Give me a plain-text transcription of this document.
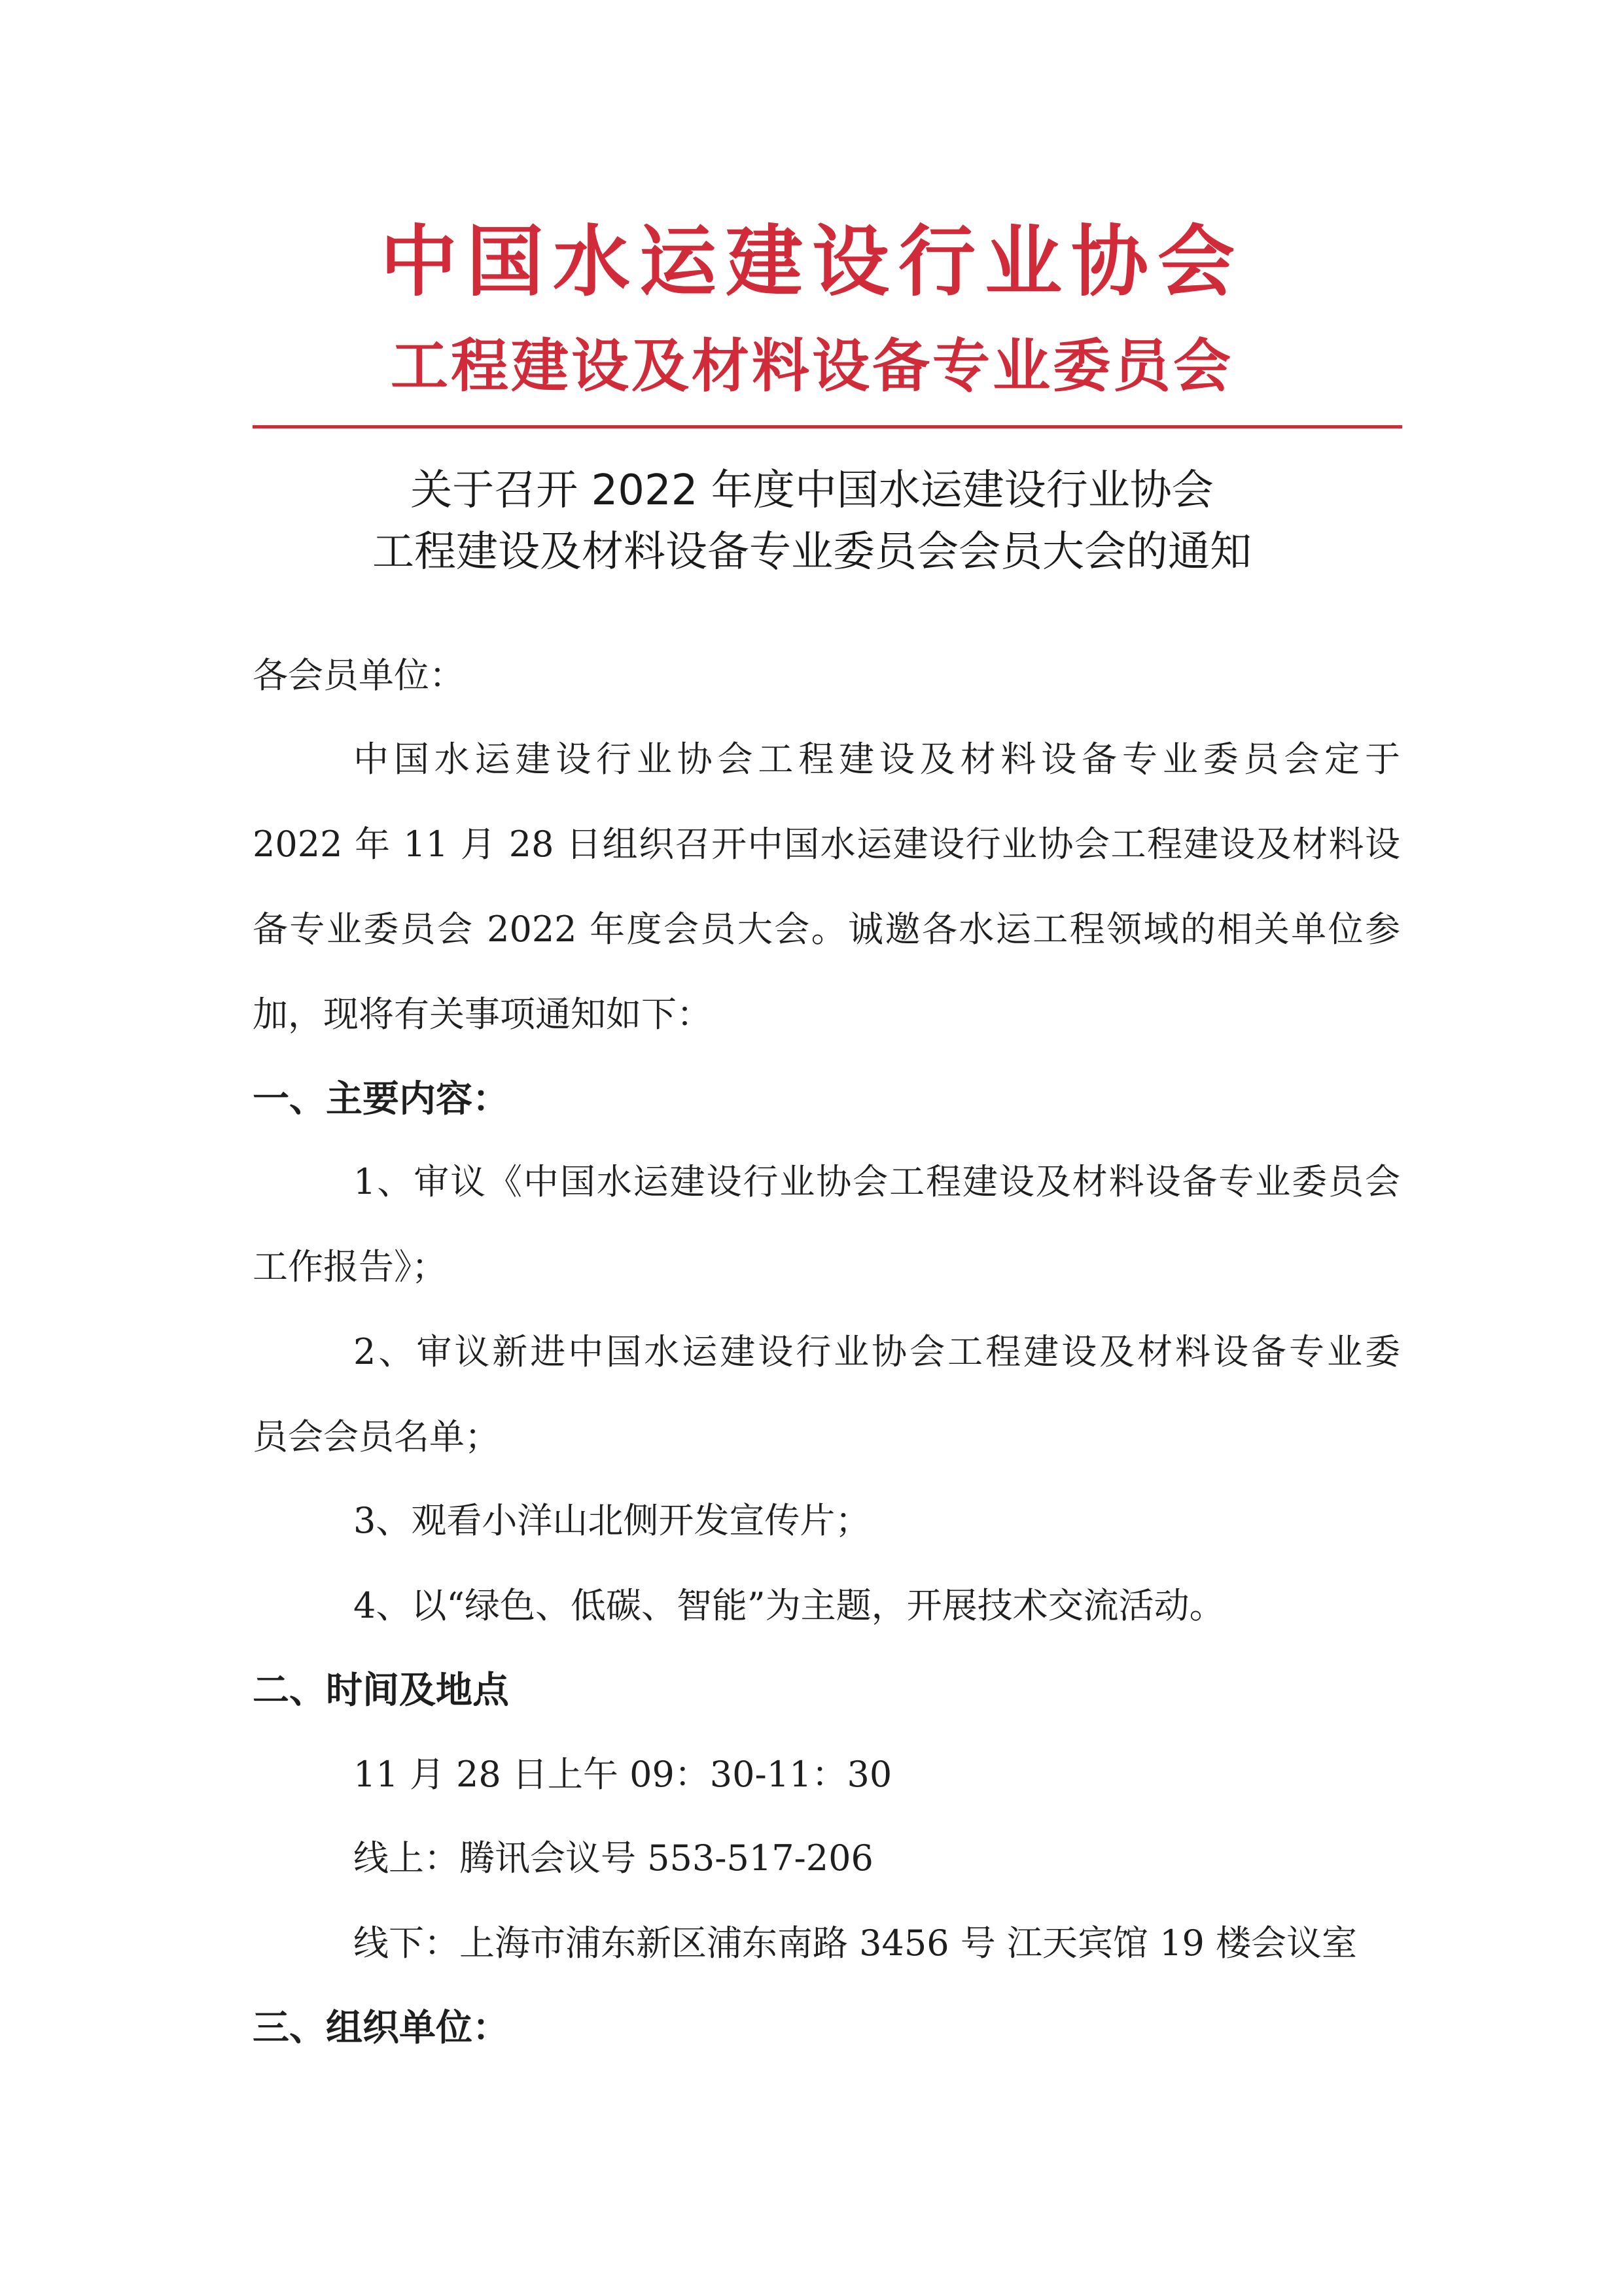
中国水运建设行业协会
工程建设及材料设备专业委员会
关于召开 2022 年度中国水运建设行业协会
工程建设及材料设备专业委员会会员大会的通知
各会员单位：
中国水运建设行业协会工程建设及材料设备专业委员会定于
2022 年 11 月 28 日组织召开中国水运建设行业协会工程建设及材料设
备专业委员会 2022 年度会员大会。诚邀各水运工程领域的相关单位参
加，现将有关事项通知如下：
一、主要内容：
1、审议《中国水运建设行业协会工程建设及材料设备专业委员会
工作报告》；
2、审议新进中国水运建设行业协会工程建设及材料设备专业委
员会会员名单；
3、观看小洋山北侧开发宣传片；
4、以“绿色、低碳、智能”为主题，开展技术交流活动。
二、时间及地点
11 月 28 日上午 09：30-11：30
线上：腾讯会议号 553-517-206
线下：上海市浦东新区浦东南路 3456 号 江天宾馆 19 楼会议室
三、组织单位：
